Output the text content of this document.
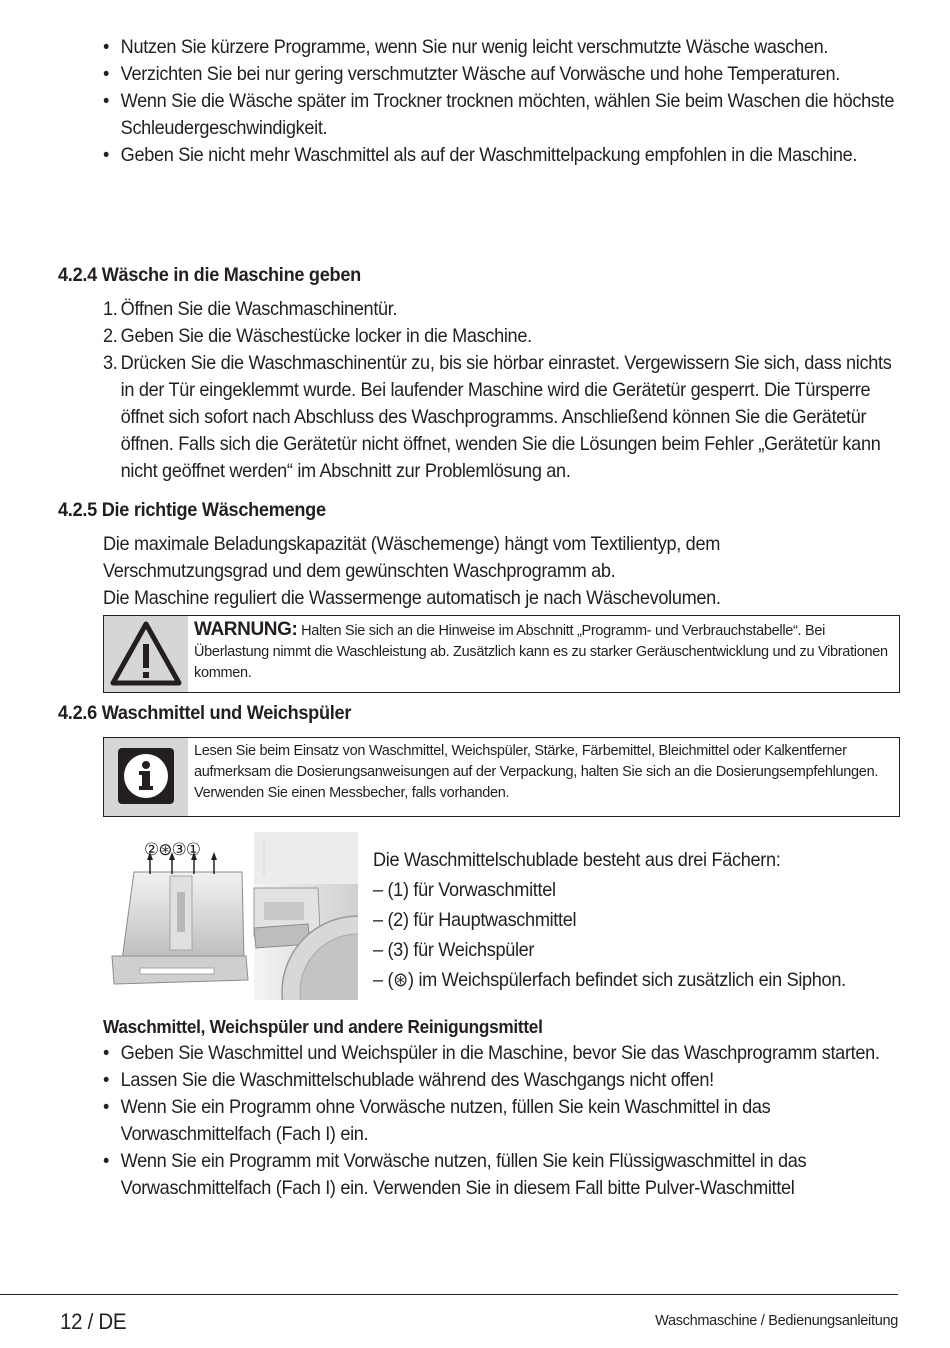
• Nutzen Sie kürzere Programme, wenn Sie nur wenig leicht verschmutzte Wäsche waschen.
• Verzichten Sie bei nur gering verschmutzter Wäsche auf Vorwäsche und hohe Temperaturen.
• Wenn Sie die Wäsche später im Trockner trocknen möchten, wählen Sie beim Waschen die höchste Schleudergeschwindigkeit.
• Geben Sie nicht mehr Waschmittel als auf der Waschmittelpackung empfohlen in die Maschine.
4.2.4 Wäsche in die Maschine geben
1. Öffnen Sie die Waschmaschinentür.
2. Geben Sie die Wäschestücke locker in die Maschine.
3. Drücken Sie die Waschmaschinentür zu, bis sie hörbar einrastet. Vergewissern Sie sich, dass nichts in der Tür eingeklemmt wurde. Bei laufender Maschine wird die Gerätetür gesperrt. Die Türsperre öffnet sich sofort nach Abschluss des Waschprogramms. Anschließend können Sie die Gerätetür öffnen. Falls sich die Gerätetür nicht öffnet, wenden Sie die Lösungen beim Fehler „Gerätetür kann nicht geöffnet werden“ im Abschnitt zur Problemlösung an.
4.2.5 Die richtige Wäschemenge
Die maximale Beladungskapazität (Wäschemenge) hängt vom Textilientyp, dem
Verschmutzungsgrad und dem gewünschten Waschprogramm ab.
Die Maschine reguliert die Wassermenge automatisch je nach Wäschevolumen.
WARNUNG: Halten Sie sich an die Hinweise im Abschnitt „Programm- und Verbrauchstabelle“. Bei Überlastung nimmt die Waschleistung ab. Zusätzlich kann es zu starker Geräuschentwicklung und zu Vibrationen kommen.
4.2.6 Waschmittel und Weichspüler
Lesen Sie beim Einsatz von Waschmittel, Weichspüler, Stärke, Färbemittel, Bleichmittel oder Kalkentferner aufmerksam die Dosierungsanweisungen auf der Verpackung, halten Sie sich an die Dosierungsempfehlungen. Verwenden Sie einen Messbecher, falls vorhanden.
②⊛③①	Die Waschmittelschublade besteht aus drei Fächern:
– (1) für Vorwaschmittel
– (2) für Hauptwaschmittel
– (3) für Weichspüler
– (⊛) im Weichspülerfach befindet sich zusätzlich ein Siphon.
Waschmittel, Weichspüler und andere Reinigungsmittel
• Geben Sie Waschmittel und Weichspüler in die Maschine, bevor Sie das Waschprogramm starten.
• Lassen Sie die Waschmittelschublade während des Waschgangs nicht offen!
• Wenn Sie ein Programm ohne Vorwäsche nutzen, füllen Sie kein Waschmittel in das Vorwaschmittelfach (Fach I) ein.
• Wenn Sie ein Programm mit Vorwäsche nutzen, füllen Sie kein Flüssigwaschmittel in das Vorwaschmittelfach (Fach I) ein. Verwenden Sie in diesem Fall bitte Pulver-Waschmittel
12 / DE	Waschmaschine / Bedienungsanleitung
